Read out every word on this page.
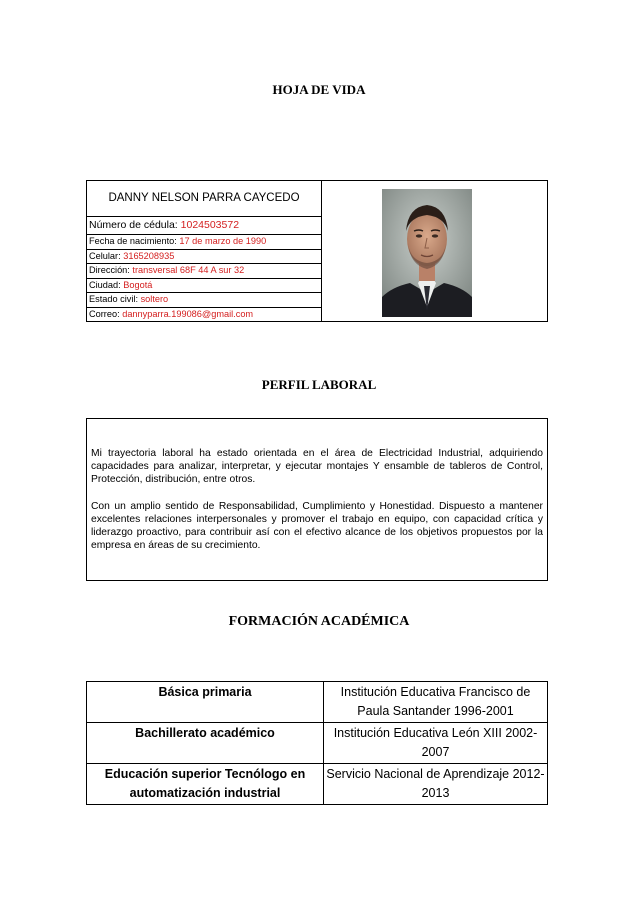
HOJA DE VIDA
DANNY NELSON PARRA CAYCEDO
Número de cédula: 1024503572
Fecha de nacimiento: 17 de marzo de 1990
Celular: 3165208935
Dirección: transversal 68F 44 A sur 32
Ciudad: Bogotá
Estado civil: soltero
Correo: dannyparra.199086@gmail.com
PERFIL LABORAL

Mi trayectoria laboral ha estado orientada en el área de Electricidad Industrial, adquiriendo capacidades para analizar, interpretar, y ejecutar montajes Y ensamble de tableros de Control, Protección, distribución, entre otros.

Con un amplio sentido de Responsabilidad, Cumplimiento y Honestidad. Dispuesto a mantener excelentes relaciones interpersonales y promover el trabajo en equipo, con capacidad crítica y liderazgo proactivo, para contribuir así con el efectivo alcance de los objetivos propuestos por la empresa en áreas de su crecimiento.

FORMACIÓN ACADÉMICA
Básica primaria	Institución Educativa Francisco de Paula Santander 1996-2001
Bachillerato académico	Institución Educativa León XIII 2002-2007
Educación superior Tecnólogo en automatización industrial	Servicio Nacional de Aprendizaje 2012-2013
